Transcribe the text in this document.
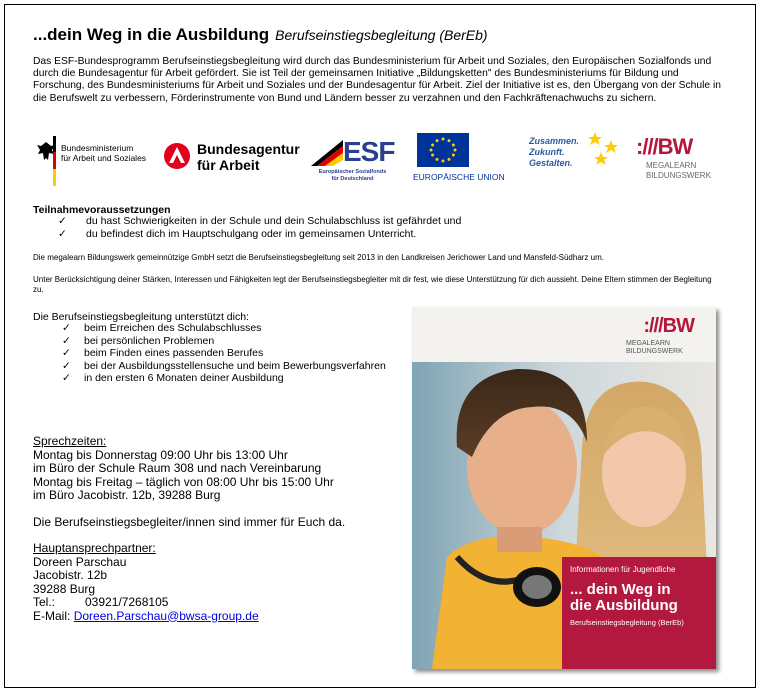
...dein Weg in die Ausbildung Berufseinstiegsbegleitung (BerEb)
Das ESF-Bundesprogramm Berufseinstiegsbegleitung wird durch das Bundesministerium für Arbeit und Soziales, den Europäischen Sozialfonds und durch die Bundesagentur für Arbeit gefördert. Sie ist Teil der gemeinsamen Initiative „Bildungsketten" des Bundesministeriums für Bildung und Forschung, des Bundesministeriums für Arbeit und Soziales und der Bundesagentur für Arbeit. Ziel der Initiative ist es, den Übergang von der Schule in die Berufswelt zu verbessern, Förderinstrumente von Bund und Ländern besser zu verzahnen und den Fachkräftenachwuchs zu sichern.
Bundesministerium
für Arbeit und Soziales
Bundesagentur
für Arbeit	ESF
Europäischer Sozialfonds
für Deutschland	EUROPÄISCHE UNION
Zusammen.
Zukunft.
Gestalten.
:///BW
MEGALEARN
BILDUNGSWERK
Teilnahmevoraussetzungen
✓ du hast Schwierigkeiten in der Schule und dein Schulabschluss ist gefährdet und
✓ du befindest dich im Hauptschulgang oder im gemeinsamen Unterricht.
Die megalearn Bildungswerk gemeinnützige GmbH setzt die Berufseinstiegsbegleitung seit 2013 in den Landkreisen Jerichower Land und Mansfeld-Südharz um.
Unter Berücksichtigung deiner Stärken, Interessen und Fähigkeiten legt der Berufseinstiegsbegleiter mit dir fest, wie diese Unterstützung für dich aussieht. Deine Eltern stimmen der Begleitung zu.
Die Berufseinstiegsbegleitung unterstützt dich:
✓ beim Erreichen des Schulabschlusses
✓ bei persönlichen Problemen
✓ beim Finden eines passenden Berufes
✓ bei der Ausbildungsstellensuche und beim Bewerbungsverfahren
✓ in den ersten 6 Monaten deiner Ausbildung
Sprechzeiten:
Montag bis Donnerstag 09:00 Uhr bis 13:00 Uhr
im Büro der Schule Raum 308 und nach Vereinbarung
Montag bis Freitag – täglich von 08:00 Uhr bis 15:00 Uhr
im Büro Jacobistr. 12b, 39288 Burg
Die Berufseinstiegsbegleiter/innen sind immer für Euch da.
Hauptansprechpartner:
Doreen Parschau
Jacobistr. 12b
39288 Burg
Tel.: 03921/7268105
E-Mail: Doreen.Parschau@bwsa-group.de
:///BW
MEGALEARN
BILDUNGSWERK
Informationen für Jugendliche
... dein Weg in
die Ausbildung
Berufseinstiegsbegleitung (BerEb)
